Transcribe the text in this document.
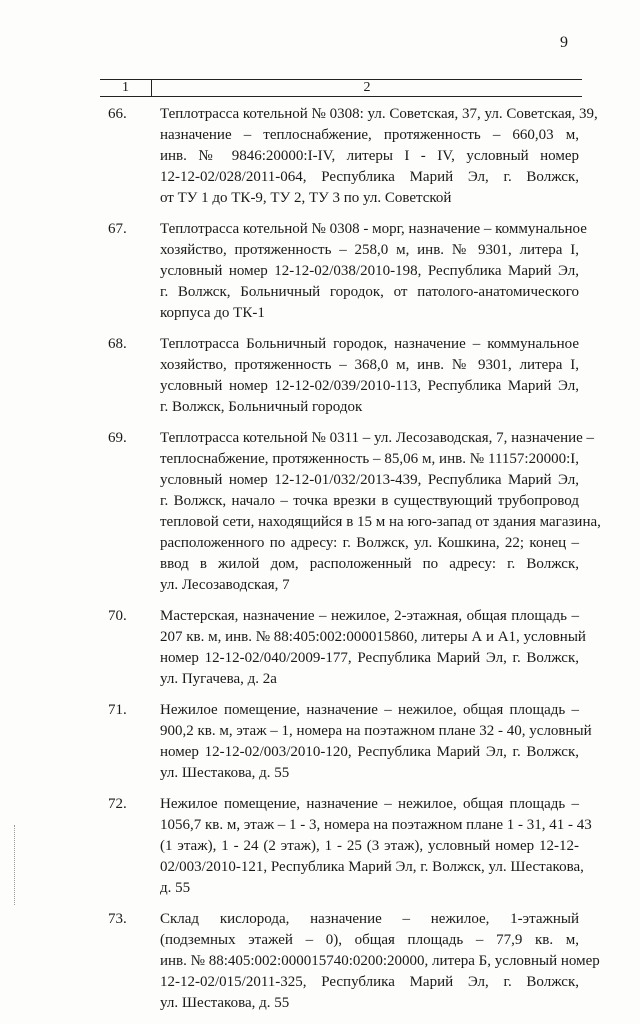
9
1	2
66. Теплотрасса котельной № 0308: ул. Советская, 37, ул. Советская, 39,
назначение – теплоснабжение, протяженность – 660,03 м,
инв. № 9846:20000:I-IV, литеры I - IV, условный номер
12-12-02/028/2011-064, Республика Марий Эл, г. Волжск,
от ТУ 1 до ТК-9, ТУ 2, ТУ 3 по ул. Советской
67. Теплотрасса котельной № 0308 - морг, назначение – коммунальное
хозяйство, протяженность – 258,0 м, инв. № 9301, литера I,
условный номер 12-12-02/038/2010-198, Республика Марий Эл,
г. Волжск, Больничный городок, от патолого-анатомического
корпуса до ТК-1
68. Теплотрасса Больничный городок, назначение – коммунальное
хозяйство, протяженность – 368,0 м, инв. № 9301, литера I,
условный номер 12-12-02/039/2010-113, Республика Марий Эл,
г. Волжск, Больничный городок
69. Теплотрасса котельной № 0311 – ул. Лесозаводская, 7, назначение –
теплоснабжение, протяженность – 85,06 м, инв. № 11157:20000:I,
условный номер 12-12-01/032/2013-439, Республика Марий Эл,
г. Волжск, начало – точка врезки в существующий трубопровод
тепловой сети, находящийся в 15 м на юго-запад от здания магазина,
расположенного по адресу: г. Волжск, ул. Кошкина, 22; конец –
ввод в жилой дом, расположенный по адресу: г. Волжск,
ул. Лесозаводская, 7
70. Мастерская, назначение – нежилое, 2-этажная, общая площадь –
207 кв. м, инв. № 88:405:002:000015860, литеры А и А1, условный
номер 12-12-02/040/2009-177, Республика Марий Эл, г. Волжск,
ул. Пугачева, д. 2а
71. Нежилое помещение, назначение – нежилое, общая площадь –
900,2 кв. м, этаж – 1, номера на поэтажном плане 32 - 40, условный
номер 12-12-02/003/2010-120, Республика Марий Эл, г. Волжск,
ул. Шестакова, д. 55
72. Нежилое помещение, назначение – нежилое, общая площадь –
1056,7 кв. м, этаж – 1 - 3, номера на поэтажном плане 1 - 31, 41 - 43
(1 этаж), 1 - 24 (2 этаж), 1 - 25 (3 этаж), условный номер 12-12-
02/003/2010-121, Республика Марий Эл, г. Волжск, ул. Шестакова,
д. 55
73. Склад кислорода, назначение – нежилое, 1-этажный
(подземных этажей – 0), общая площадь – 77,9 кв. м,
инв. № 88:405:002:000015740:0200:20000, литера Б, условный номер
12-12-02/015/2011-325, Республика Марий Эл, г. Волжск,
ул. Шестакова, д. 55
